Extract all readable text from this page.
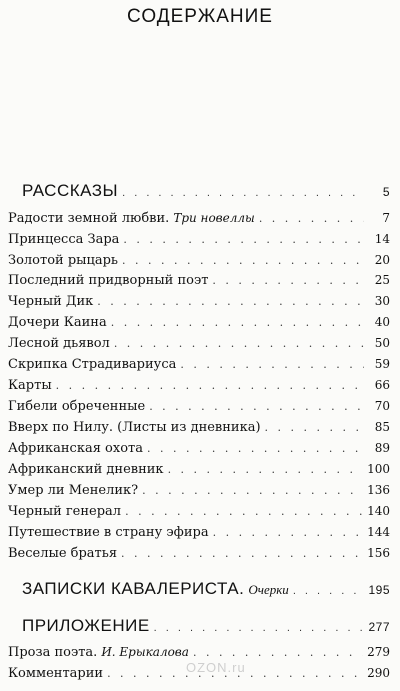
СОДЕРЖАНИЕ
РАССКАЗЫ . . .	5
Радости земной любви. Три новеллы . . .	7
Принцесса Зара . . .	14
Золотой рыцарь . . .	20
Последний придворный поэт . . .	25
Черный Дик . . .	30
Дочери Каина . . .	40
Лесной дьявол . . .	50
Скрипка Страдивариуса . . .	59
Карты . . .	66
Гибели обреченные . . .	70
Вверх по Нилу. (Листы из дневника) . . .	85
Африканская охота . . .	89
Африканский дневник . . .	100
Умер ли Менелик? . . .	136
Черный генерал . . .	140
Путешествие в страну эфира . . .	144
Веселые братья . . .	156
ЗАПИСКИ КАВАЛЕРИСТА. Очерки . . .	195
ПРИЛОЖЕНИЕ . . .	277
Проза поэта. И. Ерыкалова . . .	279
Комментарии . . .	290
OZON.ru
